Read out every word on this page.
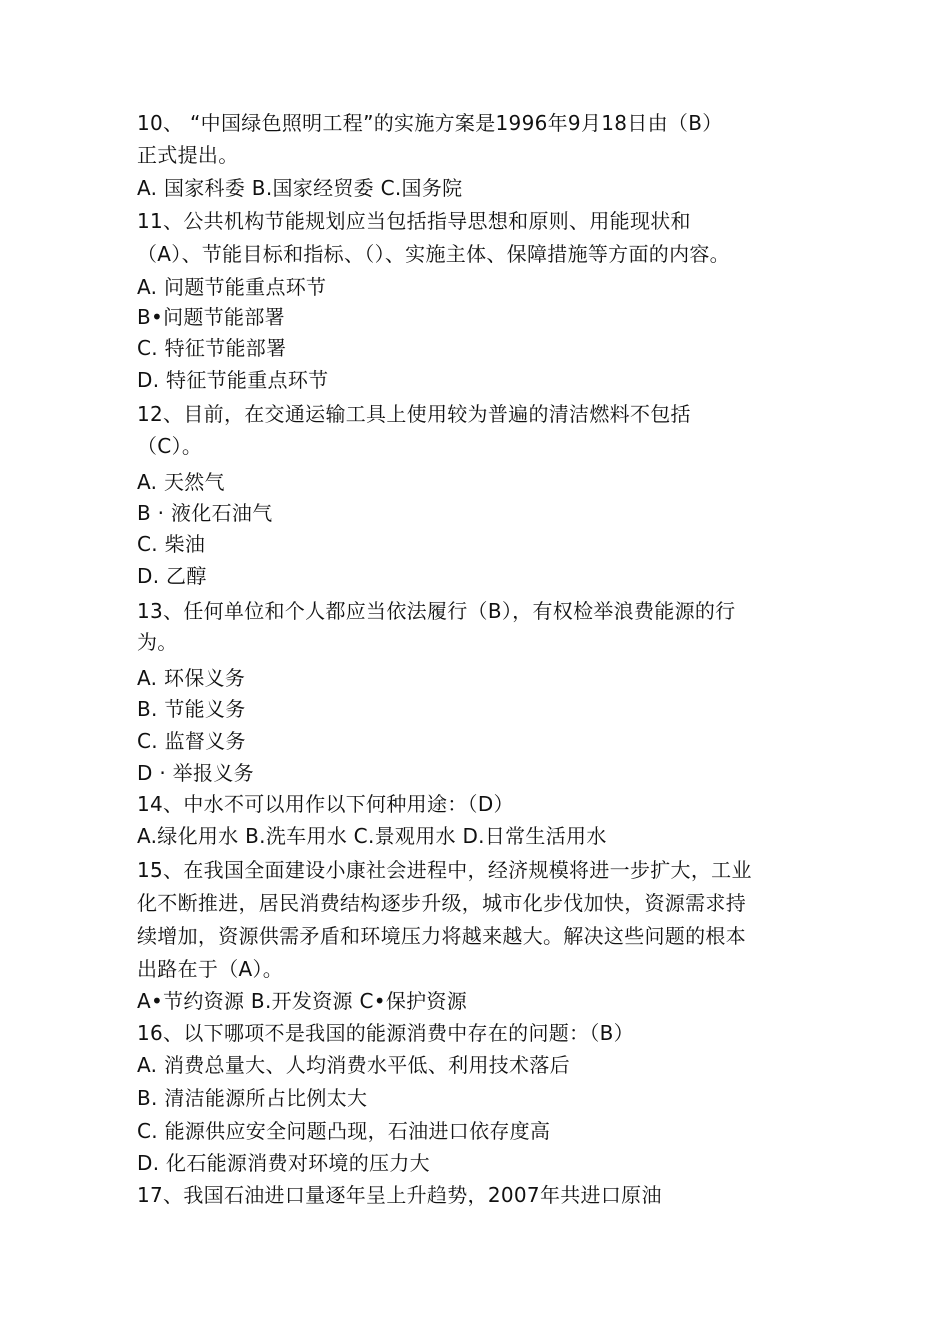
10、 “中国绿色照明工程”的实施方案是1996年9月18日由（B）
正式提出。
A. 国家科委 B.国家经贸委 C.国务院
11、公共机构节能规划应当包括指导思想和原则、用能现状和
（A）、节能目标和指标、（）、实施主体、保障措施等方面的内容。
A. 问题节能重点环节
B•问题节能部署
C. 特征节能部署
D. 特征节能重点环节
12、目前，在交通运输工具上使用较为普遍的清洁燃料不包括
（C）。
A. 天然气
B · 液化石油气
C. 柴油
D. 乙醇
13、任何单位和个人都应当依法履行（B），有权检举浪费能源的行
为。
A. 环保义务
B. 节能义务
C. 监督义务
D · 举报义务
14、中水不可以用作以下何种用途：（D）
A.绿化用水 B.洗车用水 C.景观用水 D.日常生活用水
15、在我国全面建设小康社会进程中，经济规模将进一步扩大，工业
化不断推进，居民消费结构逐步升级，城市化步伐加快，资源需求持
续增加，资源供需矛盾和环境压力将越来越大。解决这些问题的根本
出路在于（A）。
A•节约资源 B.开发资源 C•保护资源
16、以下哪项不是我国的能源消费中存在的问题：（B）
A. 消费总量大、人均消费水平低、利用技术落后
B. 清洁能源所占比例太大
C. 能源供应安全问题凸现，石油进口依存度高
D. 化石能源消费对环境的压力大
17、我国石油进口量逐年呈上升趋势，2007年共进口原油
